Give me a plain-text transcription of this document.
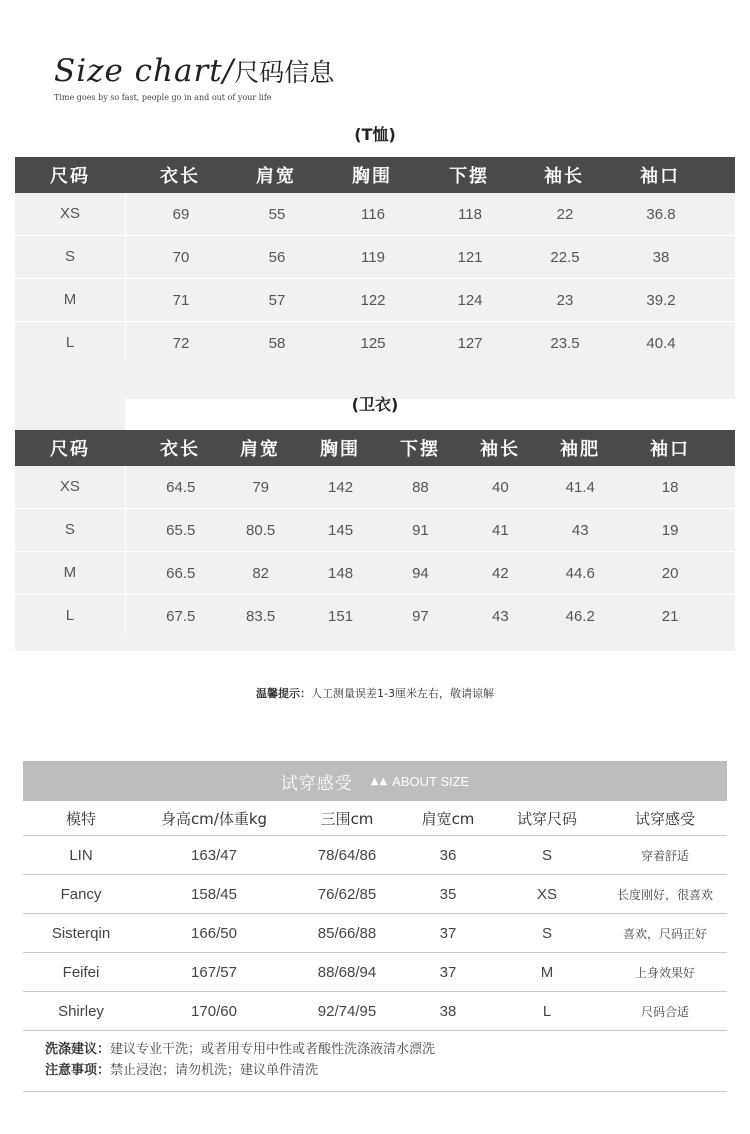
Size chart/尺码信息
Time goes by so fast, people go in and out of your life
(T恤)
尺码	衣长	肩宽	胸围	下摆	袖长	袖口
XS	69	55	116	118	22	36.8
S	70	56	119	121	22.5	38
M	71	57	122	124	23	39.2
L	72	58	125	127	23.5	40.4
(卫衣)
尺码	衣长	肩宽	胸围	下摆	袖长	袖肥	袖口
XS	64.5	79	142	88	40	41.4	18
S	65.5	80.5	145	91	41	43	19
M	66.5	82	148	94	42	44.6	20
L	67.5	83.5	151	97	43	46.2	21
温馨提示：人工测量误差1-3厘米左右，敬请谅解
试穿感受 ▲▲ ABOUT SIZE
模特	身高cm/体重kg	三围cm	肩宽cm	试穿尺码	试穿感受
LIN	163/47	78/64/86	36	S	穿着舒适
Fancy	158/45	76/62/85	35	XS	长度刚好，很喜欢
Sisterqin	166/50	85/66/88	37	S	喜欢，尺码正好
Feifei	167/57	88/68/94	37	M	上身效果好
Shirley	170/60	92/74/95	38	L	尺码合适
洗涤建议：建议专业干洗；或者用专用中性或者酸性洗涤液清水漂洗
注意事项：禁止浸泡；请勿机洗；建议单件清洗
